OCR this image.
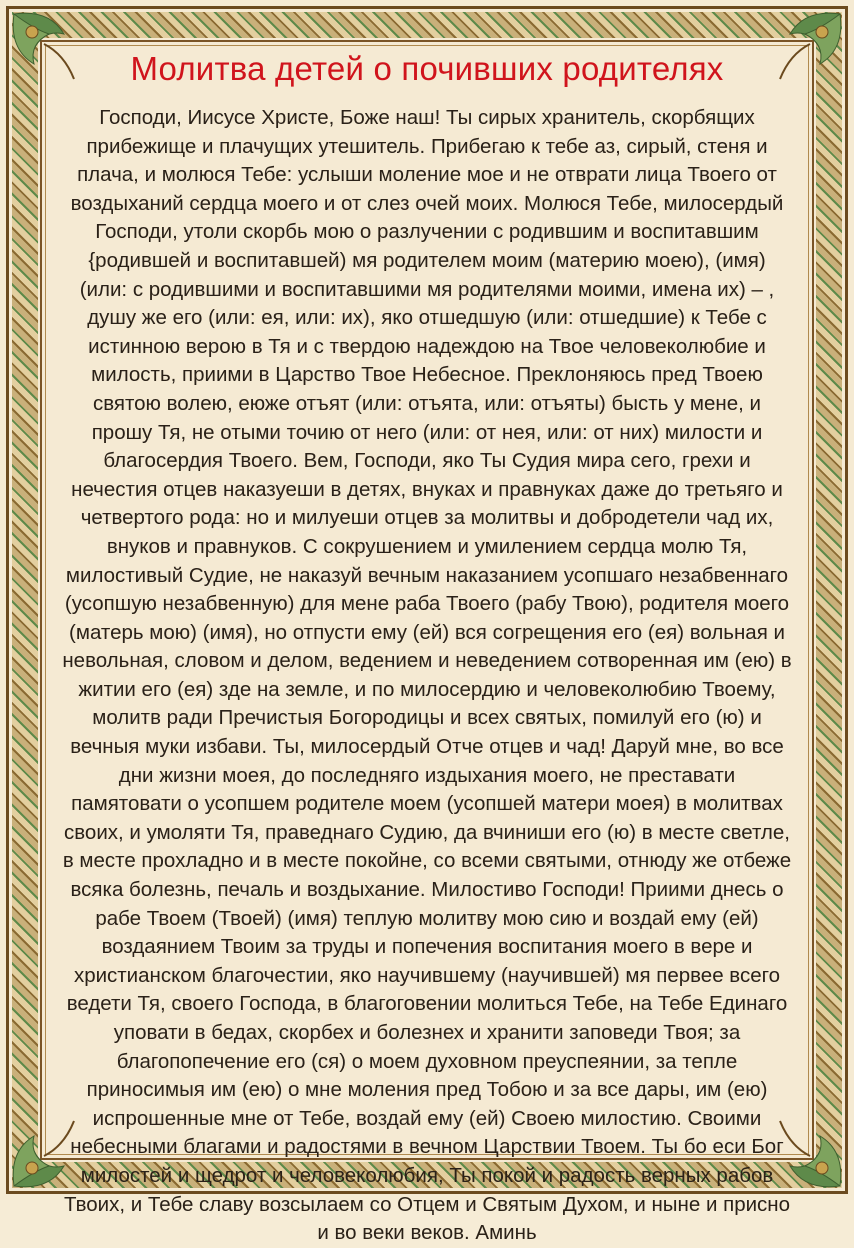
Молитва детей о почивших родителях

Господи, Иисусе Христе, Боже наш! Ты сирых хранитель, скорбящих прибежище и плачущих утешитель. Прибегаю к тебе аз, сирый, стеня и плача, и молюся Тебе: услыши моление мое и не отврати лица Твоего от воздыханий сердца моего и от слез очей моих. Молюся Тебе, милосердый Господи, утоли скорбь мою о разлучении с родившим и воспитавшим {родившей и воспитавшей) мя родителем моим (материю моею), (имя) (или: с родившими и воспитавшими мя родителями моими, имена их) – , душу же его (или: ея, или: их), яко отшедшую (или: отшедшие) к Тебе с истинною верою в Тя и с твердою надеждою на Твое человеколюбие и милость, приими в Царство Твое Небесное. Преклоняюсь пред Твоею святою волею, еюже отъят (или: отъята, или: отъяты) бысть у мене, и прошу Тя, не отыми точию от него (или: от нея, или: от них) милости и благосердия Твоего. Вем, Господи, яко Ты Судия мира сего, грехи и нечестия отцев наказуеши в детях, внуках и правнуках даже до третьяго и четвертого рода: но и милуеши отцев за молитвы и добродетели чад их, внуков и правнуков. С сокрушением и умилением сердца молю Тя, милостивый Судие, не наказуй вечным наказанием усопшаго незабвеннаго (усопшую незабвенную) для мене раба Твоего (рабу Твою), родителя моего (матерь мою) (имя), но отпусти ему (ей) вся согрещения его (ея) вольная и невольная, словом и делом, ведением и неведением сотворенная им (ею) в житии его (ея) зде на земле, и по милосердию и человеколюбию Твоему, молитв ради Пречистыя Богородицы и всех святых, помилуй его (ю) и вечныя муки избави. Ты, милосердый Отче отцев и чад! Даруй мне, во все дни жизни моея, до последняго издыхания моего, не преставати памятовати о усопшем родителе моем (усопшей матери моея) в молитвах своих, и умоляти Тя, праведнаго Судию, да вчиниши его (ю) в месте светле, в месте прохладно и в месте покойне, со всеми святыми, отнюду же отбеже всяка болезнь, печаль и воздыхание. Милостиво Господи! Приими днесь о рабе Твоем (Твоей) (имя) теплую молитву мою сию и воздай ему (ей) воздаянием Твоим за труды и попечения воспитания моего в вере и христианском благочестии, яко научившему (научившей) мя первее всего ведети Тя, своего Господа, в благоговении молиться Тебе, на Тебе Единаго уповати в бедах, скорбех и болезнех и хранити заповеди Твоя; за благопопечение его (ся) о моем духовном преуспеянии, за тепле приносимыя им (ею) о мне моления пред Тобою и за все дары, им (ею) испрошенные мне от Тебе, воздай ему (ей) Своею милостию. Своими небесными благами и радостями в вечном Царствии Твоем. Ты бо еси Бог милостей и щедрот и человеколюбия, Ты покой и радость верных рабов Твоих, и Тебе славу возсылаем со Отцем и Святым Духом, и ныне и присно и во веки веков. Аминь
